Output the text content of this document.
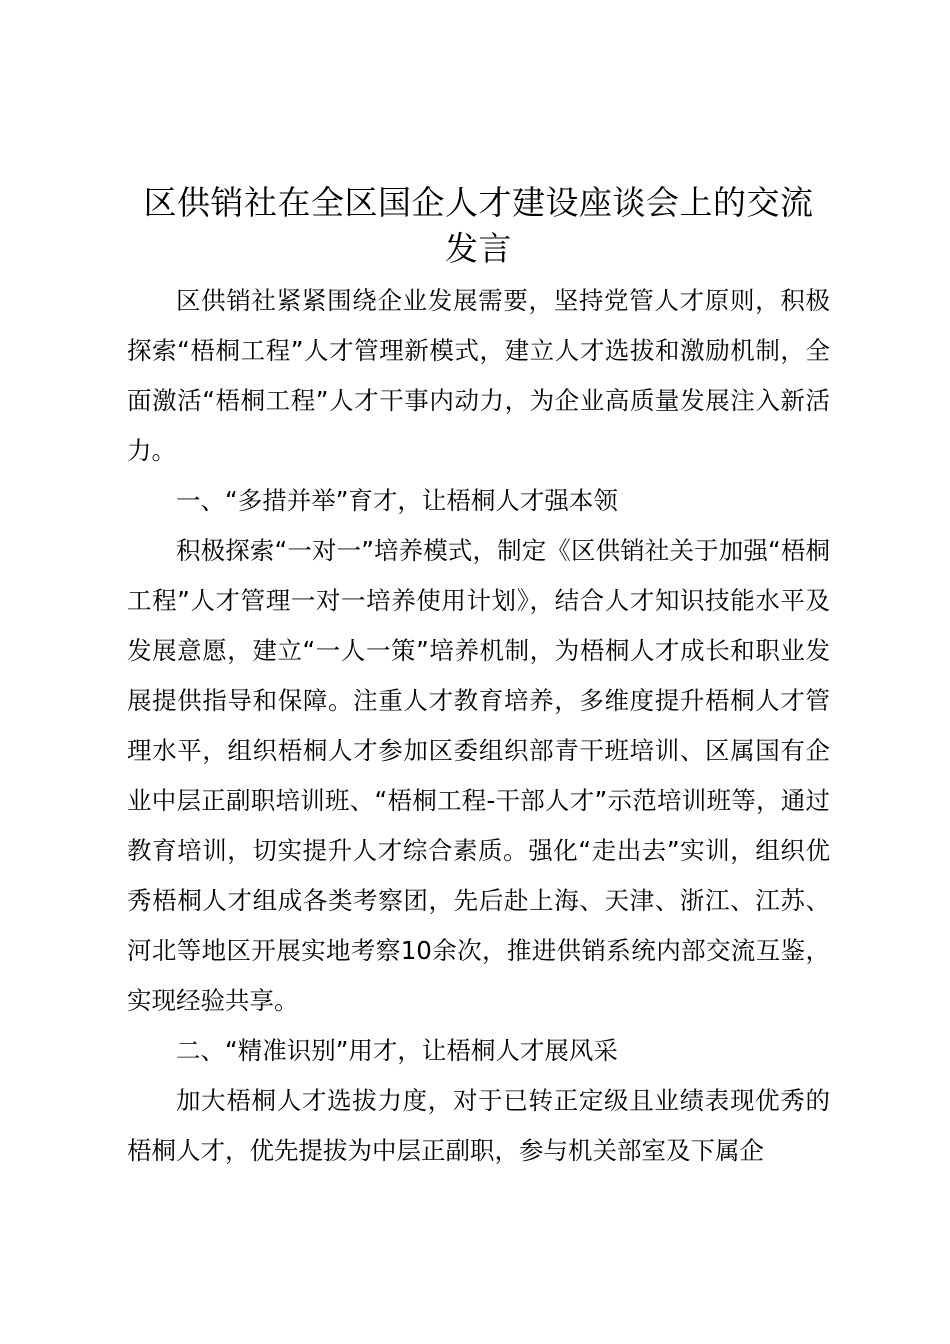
区供销社在全区国企人才建设座谈会上的交流发言

区供销社紧紧围绕企业发展需要，坚持党管人才原则，积极探索“梧桐工程”人才管理新模式，建立人才选拔和激励机制，全面激活“梧桐工程”人才干事内动力，为企业高质量发展注入新活力。

一、“多措并举”育才，让梧桐人才强本领

积极探索“一对一”培养模式，制定《区供销社关于加强“梧桐工程”人才管理一对一培养使用计划》，结合人才知识技能水平及发展意愿，建立“一人一策”培养机制，为梧桐人才成长和职业发展提供指导和保障。注重人才教育培养，多维度提升梧桐人才管理水平，组织梧桐人才参加区委组织部青干班培训、区属国有企业中层正副职培训班、“梧桐工程-干部人才”示范培训班等，通过教育培训，切实提升人才综合素质。强化“走出去”实训，组织优秀梧桐人才组成各类考察团，先后赴上海、天津、浙江、江苏、河北等地区开展实地考察10余次，推进供销系统内部交流互鉴，实现经验共享。

二、“精准识别”用才，让梧桐人才展风采

加大梧桐人才选拔力度，对于已转正定级且业绩表现优秀的梧桐人才，优先提拔为中层正副职，参与机关部室及下属企
